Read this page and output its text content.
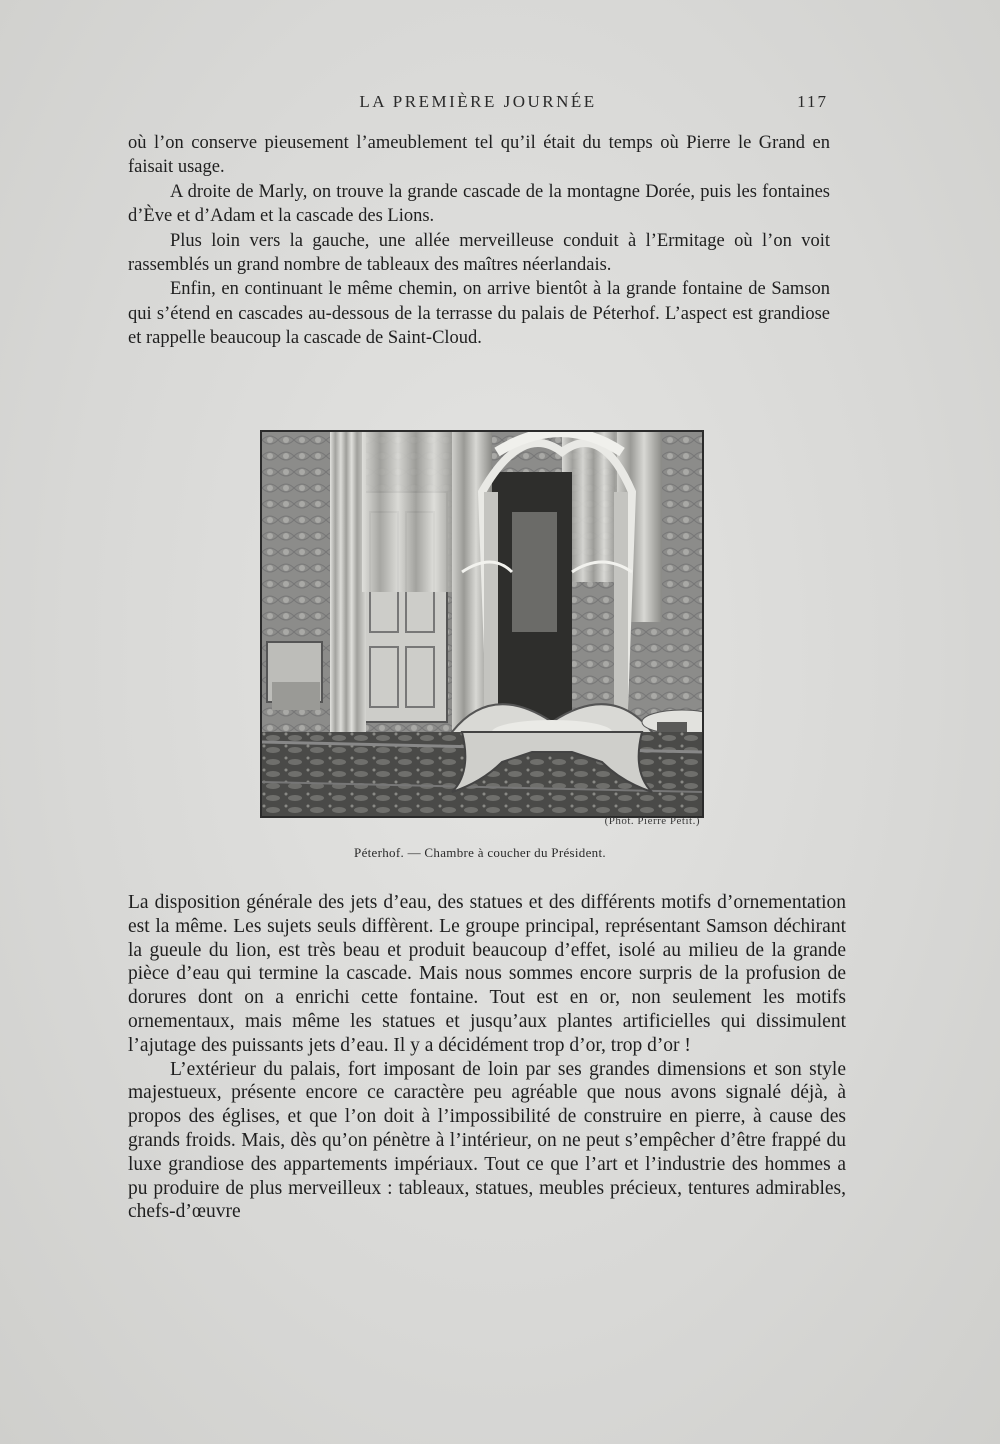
LA PREMIÈRE JOURNÉE	117

où l’on conserve pieusement l’ameublement tel qu’il était du temps où Pierre le Grand en faisait usage.

A droite de Marly, on trouve la grande cascade de la montagne Dorée, puis les fontaines d’Ève et d’Adam et la cascade des Lions.

Plus loin vers la gauche, une allée merveilleuse conduit à l’Ermitage où l’on voit rassemblés un grand nombre de tableaux des maîtres néerlandais.

Enfin, en continuant le même chemin, on arrive bientôt à la grande fontaine de Samson qui s’étend en cascades au-dessous de la terrasse du palais de Péterhof. L’aspect est grandiose et rappelle beaucoup la cascade de Saint-Cloud.

(Phot. Pierre Petit.)
Péterhof. — Chambre à coucher du Président.

La disposition générale des jets d’eau, des statues et des différents motifs d’ornementation est la même. Les sujets seuls diffèrent. Le groupe principal, représentant Samson déchirant la gueule du lion, est très beau et produit beaucoup d’effet, isolé au milieu de la grande pièce d’eau qui termine la cascade. Mais nous sommes encore surpris de la profusion de dorures dont on a enrichi cette fontaine. Tout est en or, non seulement les motifs ornementaux, mais même les statues et jusqu’aux plantes artificielles qui dissimulent l’ajutage des puissants jets d’eau. Il y a décidément trop d’or, trop d’or !

L’extérieur du palais, fort imposant de loin par ses grandes dimensions et son style majestueux, présente encore ce caractère peu agréable que nous avons signalé déjà, à propos des églises, et que l’on doit à l’impossibilité de construire en pierre, à cause des grands froids. Mais, dès qu’on pénètre à l’intérieur, on ne peut s’empêcher d’être frappé du luxe grandiose des appartements impériaux. Tout ce que l’art et l’industrie des hommes a pu produire de plus merveilleux : tableaux, statues, meubles précieux, tentures admirables, chefs-d’œuvre
